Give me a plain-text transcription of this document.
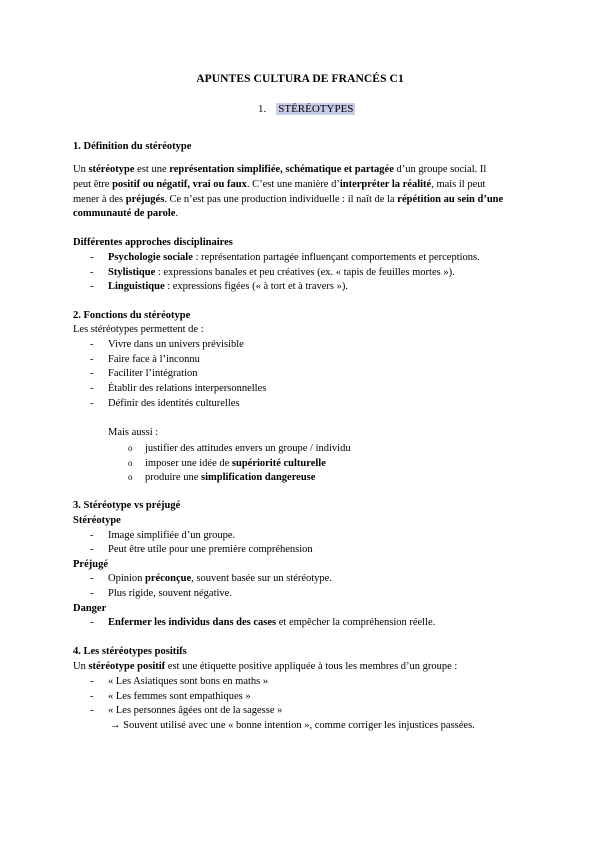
APUNTES CULTURA DE FRANCÉS C1
1. STÉRÉOTYPES
1. Définition du stéréotype
Un stéréotype est une représentation simplifiée, schématique et partagée d’un groupe social. Il
peut être positif ou négatif, vrai ou faux. C’est une manière d’interpréter la réalité, mais il peut
mener à des préjugés. Ce n’est pas une production individuelle : il naît de la répétition au sein d’une
communauté de parole.
Différentes approches disciplinaires
- Psychologie sociale : représentation partagée influençant comportements et perceptions.
- Stylistique : expressions banales et peu créatives (ex. « tapis de feuilles mortes »).
- Linguistique : expressions figées (« à tort et à travers »).
2. Fonctions du stéréotype
Les stéréotypes permettent de :
- Vivre dans un univers prévisible
- Faire face à l’inconnu
- Faciliter l’intégration
- Établir des relations interpersonnelles
- Définir des identités culturelles
Mais aussi :
o justifier des attitudes envers un groupe / individu
o imposer une idée de supériorité culturelle
o produire une simplification dangereuse
3. Stéréotype vs préjugé
Stéréotype
- Image simplifiée d’un groupe.
- Peut être utile pour une première compréhension
Préjugé
- Opinion préconçue, souvent basée sur un stéréotype.
- Plus rigide, souvent négative.
Danger
- Enfermer les individus dans des cases et empêcher la compréhension réelle.
4. Les stéréotypes positifs
Un stéréotype positif est une étiquette positive appliquée à tous les membres d’un groupe :
- « Les Asiatiques sont bons en maths »
- « Les femmes sont empathiques »
- « Les personnes âgées ont de la sagesse »
→ Souvent utilisé avec une « bonne intention », comme corriger les injustices passées.
